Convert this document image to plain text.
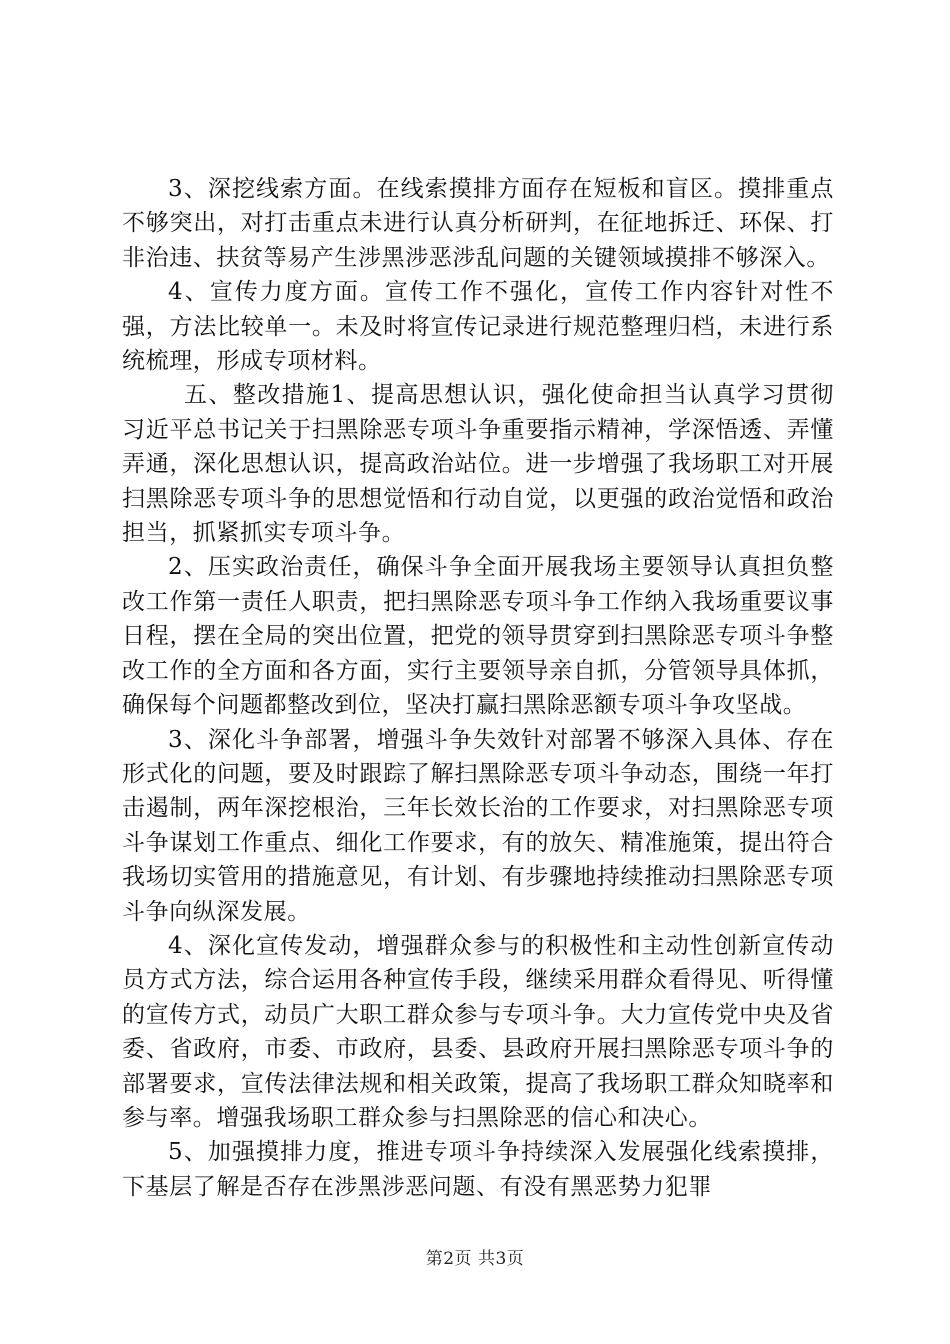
3、深挖线索方面。在线索摸排方面存在短板和盲区。摸排重点不够突出，对打击重点未进行认真分析研判，在征地拆迁、环保、打非治违、扶贫等易产生涉黑涉恶涉乱问题的关键领域摸排不够深入。

4、宣传力度方面。宣传工作不强化，宣传工作内容针对性不强，方法比较单一。未及时将宣传记录进行规范整理归档，未进行系统梳理，形成专项材料。

五、整改措施1、提高思想认识，强化使命担当认真学习贯彻习近平总书记关于扫黑除恶专项斗争重要指示精神，学深悟透、弄懂弄通，深化思想认识，提高政治站位。进一步增强了我场职工对开展扫黑除恶专项斗争的思想觉悟和行动自觉，以更强的政治觉悟和政治担当，抓紧抓实专项斗争。

2、压实政治责任，确保斗争全面开展我场主要领导认真担负整改工作第一责任人职责，把扫黑除恶专项斗争工作纳入我场重要议事日程，摆在全局的突出位置，把党的领导贯穿到扫黑除恶专项斗争整改工作的全方面和各方面，实行主要领导亲自抓，分管领导具体抓，确保每个问题都整改到位，坚决打赢扫黑除恶额专项斗争攻坚战。

3、深化斗争部署，增强斗争失效针对部署不够深入具体、存在形式化的问题，要及时跟踪了解扫黑除恶专项斗争动态，围绕一年打击遏制，两年深挖根治，三年长效长治的工作要求，对扫黑除恶专项斗争谋划工作重点、细化工作要求，有的放矢、精准施策，提出符合我场切实管用的措施意见，有计划、有步骤地持续推动扫黑除恶专项斗争向纵深发展。

4、深化宣传发动，增强群众参与的积极性和主动性创新宣传动员方式方法，综合运用各种宣传手段，继续采用群众看得见、听得懂的宣传方式，动员广大职工群众参与专项斗争。大力宣传党中央及省委、省政府，市委、市政府，县委、县政府开展扫黑除恶专项斗争的部署要求，宣传法律法规和相关政策，提高了我场职工群众知晓率和参与率。增强我场职工群众参与扫黑除恶的信心和决心。

5、加强摸排力度，推进专项斗争持续深入发展强化线索摸排，下基层了解是否存在涉黑涉恶问题、有没有黑恶势力犯罪

第2页 共3页
